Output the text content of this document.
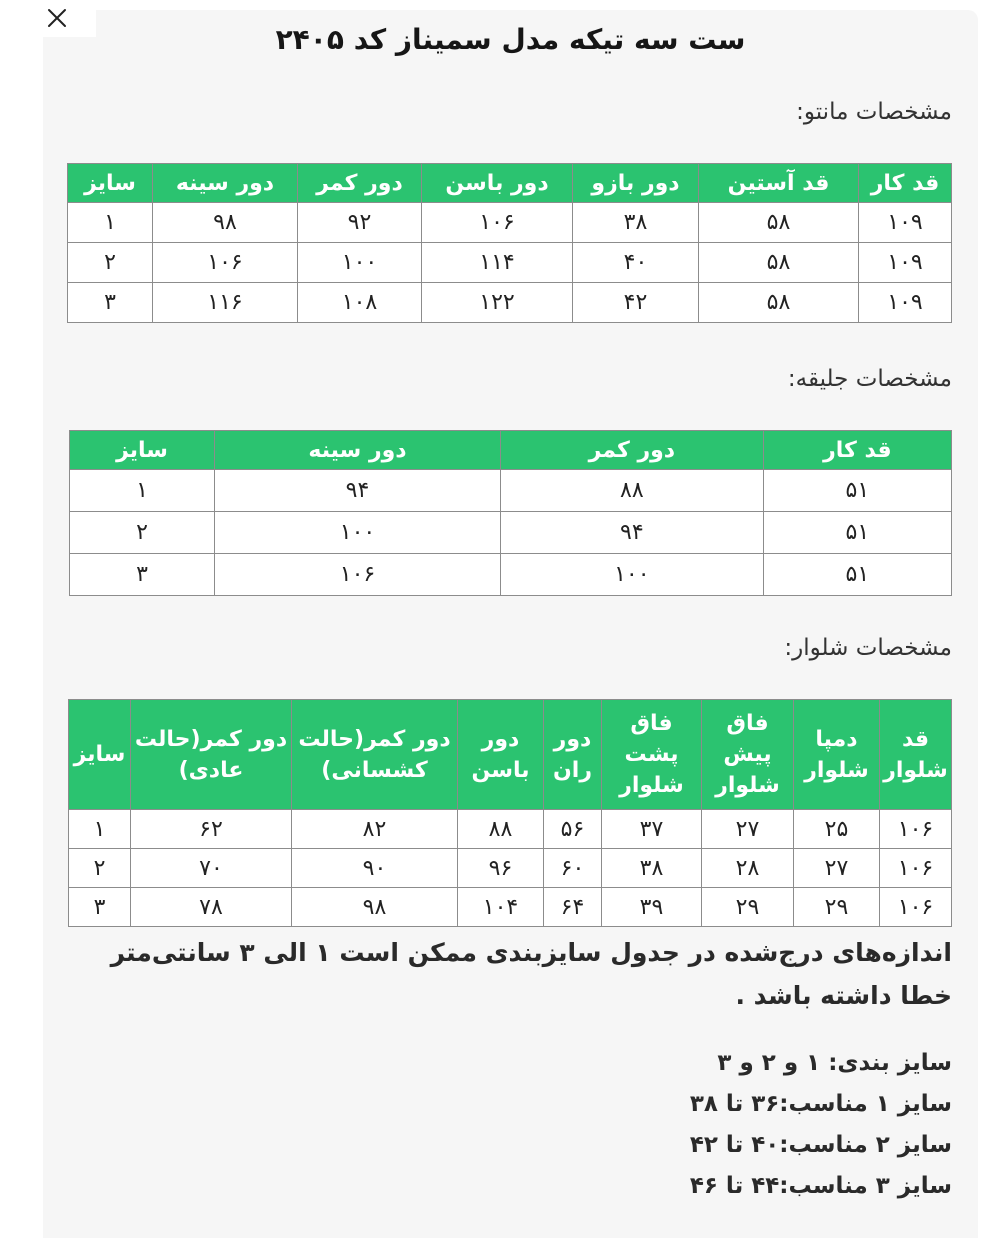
ست سه تیکه مدل سمیناز کد ۲۴۰۵
مشخصات مانتو:
قد کار	قد آستین	دور بازو	دور باسن	دور کمر	دور سینه	سایز
۱۰۹	۵۸	۳۸	۱۰۶	۹۲	۹۸	۱
۱۰۹	۵۸	۴۰	۱۱۴	۱۰۰	۱۰۶	۲
۱۰۹	۵۸	۴۲	۱۲۲	۱۰۸	۱۱۶	۳
مشخصات جلیقه:
قد کار	دور کمر	دور سینه	سایز
۵۱	۸۸	۹۴	۱
۵۱	۹۴	۱۰۰	۲
۵۱	۱۰۰	۱۰۶	۳
مشخصات شلوار:
قد شلوار	دمپا شلوار	فاق پیش شلوار	فاق پشت شلوار	دور ران	دور باسن	دور کمر(حالت کشسانی)	دور کمر(حالت عادی)	سایز
۱۰۶	۲۵	۲۷	۳۷	۵۶	۸۸	۸۲	۶۲	۱
۱۰۶	۲۷	۲۸	۳۸	۶۰	۹۶	۹۰	۷۰	۲
۱۰۶	۲۹	۲۹	۳۹	۶۴	۱۰۴	۹۸	۷۸	۳

اندازه‌های درج‌شده در جدول سایزبندی ممکن است ۱ الی ۳ سانتی‌متر خطا داشته باشد .

سایز بندی: ۱ و ۲ و ۳
سایز ۱ مناسب:۳۶ تا ۳۸
سایز ۲ مناسب:۴۰ تا ۴۲
سایز ۳ مناسب:۴۴ تا ۴۶
